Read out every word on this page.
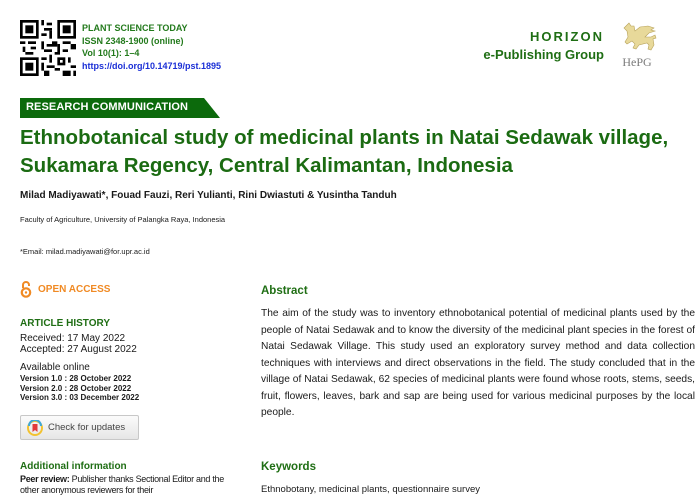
PLANT SCIENCE TODAY
ISSN 2348-1900 (online)
Vol 10(1): 1–4
https://doi.org/10.14719/pst.1895
HORIZON
e-Publishing Group HePG
RESEARCH COMMUNICATION
Ethnobotanical study of medicinal plants in Natai Sedawak village, Sukamara Regency, Central Kalimantan, Indonesia
Milad Madiyawati*, Fouad Fauzi, Reri Yulianti, Rini Dwiastuti & Yusintha Tanduh
Faculty of Agriculture, University of Palangka Raya, Indonesia
*Email: milad.madiyawati@for.upr.ac.id
OPEN ACCESS
ARTICLE HISTORY
Received: 17 May 2022
Accepted: 27 August 2022
Available online
Version 1.0 : 28 October 2022
Version 2.0 : 28 October 2022
Version 3.0 : 03 December 2022
Check for updates
Additional information
Peer review: Publisher thanks Sectional Editor and the other anonymous reviewers for their
Abstract

The aim of the study was to inventory ethnobotanical potential of medicinal plants used by the people of Natai Sedawak and to know the diversity of the medicinal plant species in the forest of Natai Sedawak Village. This study used an exploratory survey method and data collection techniques with interviews and direct observations in the field. The study concluded that in the village of Natai Sedawak, 62 species of medicinal plants were found whose roots, stems, seeds, fruit, flowers, leaves, bark and sap are being used for various medicinal purposes by the local people.

Keywords

Ethnobotany, medicinal plants, questionnaire survey
